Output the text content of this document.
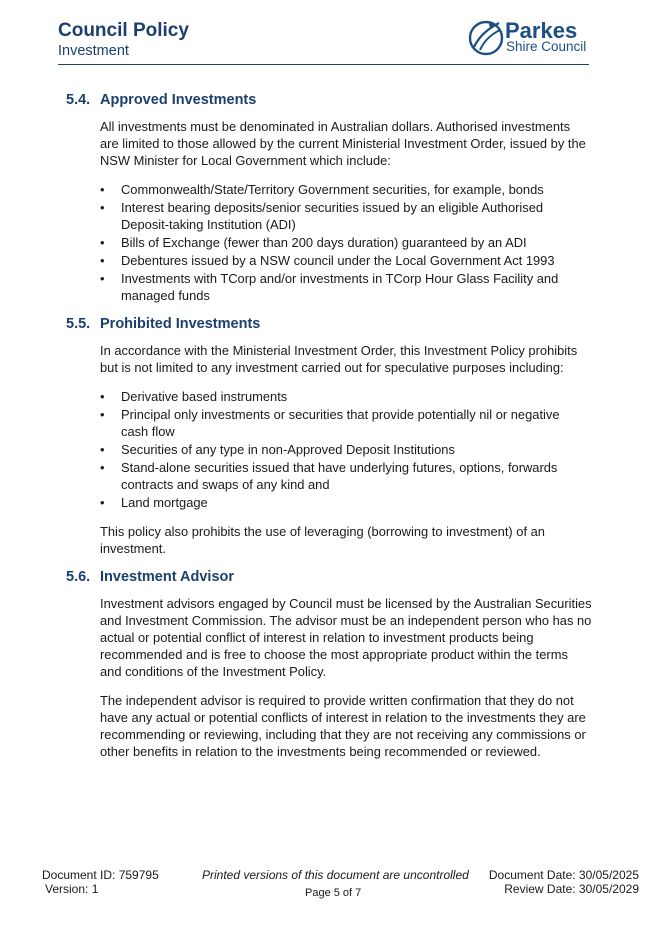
Council Policy
Investment
Parkes
Shire Council
5.4. Approved Investments
All investments must be denominated in Australian dollars. Authorised investments are limited to those allowed by the current Ministerial Investment Order, issued by the NSW Minister for Local Government which include:
• Commonwealth/State/Territory Government securities, for example, bonds
• Interest bearing deposits/senior securities issued by an eligible Authorised Deposit-taking Institution (ADI)
• Bills of Exchange (fewer than 200 days duration) guaranteed by an ADI
• Debentures issued by a NSW council under the Local Government Act 1993
• Investments with TCorp and/or investments in TCorp Hour Glass Facility and managed funds
5.5. Prohibited Investments
In accordance with the Ministerial Investment Order, this Investment Policy prohibits but is not limited to any investment carried out for speculative purposes including:
• Derivative based instruments
• Principal only investments or securities that provide potentially nil or negative cash flow
• Securities of any type in non-Approved Deposit Institutions
• Stand-alone securities issued that have underlying futures, options, forwards contracts and swaps of any kind and
• Land mortgage
This policy also prohibits the use of leveraging (borrowing to investment) of an investment.
5.6. Investment Advisor
Investment advisors engaged by Council must be licensed by the Australian Securities and Investment Commission. The advisor must be an independent person who has no actual or potential conflict of interest in relation to investment products being recommended and is free to choose the most appropriate product within the terms and conditions of the Investment Policy.
The independent advisor is required to provide written confirmation that they do not have any actual or potential conflicts of interest in relation to the investments they are recommending or reviewing, including that they are not receiving any commissions or other benefits in relation to the investments being recommended or reviewed.
Document ID: 759795
Version: 1
Printed versions of this document are uncontrolled
Page 5 of 7
Document Date: 30/05/2025
Review Date: 30/05/2029
